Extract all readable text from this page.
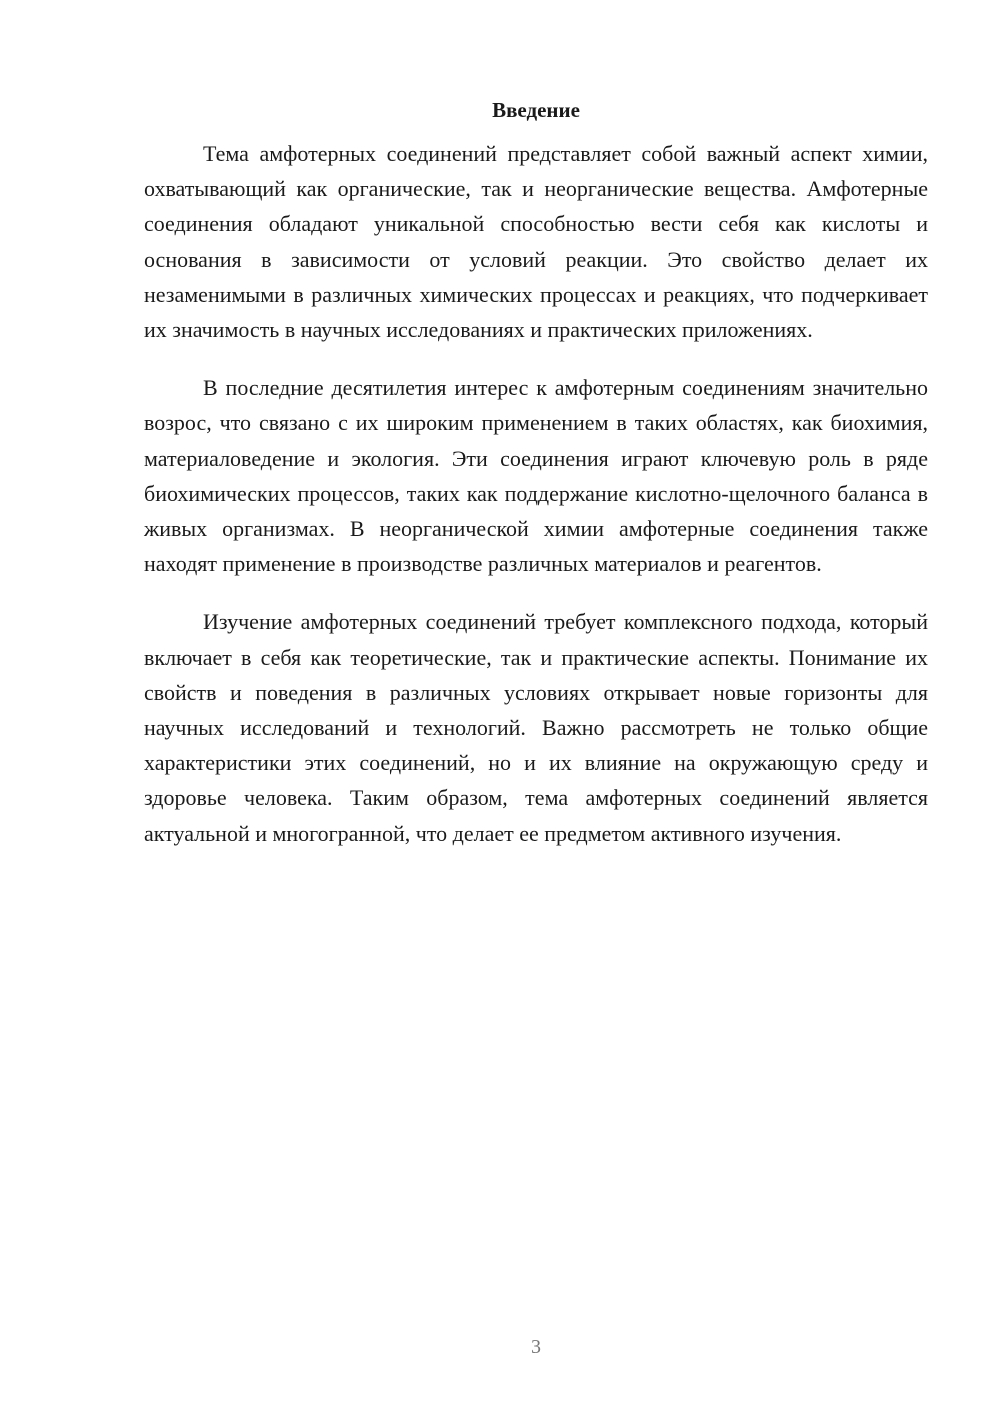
Введение

Тема амфотерных соединений представляет собой важный аспект химии, охватывающий как органические, так и неорганические вещества. Амфотерные соединения обладают уникальной способностью вести себя как кислоты и основания в зависимости от условий реакции. Это свойство делает их незаменимыми в различных химических процессах и реакциях, что подчеркивает их значимость в научных исследованиях и практических приложениях.

В последние десятилетия интерес к амфотерным соединениям значительно возрос, что связано с их широким применением в таких областях, как биохимия, материаловедение и экология. Эти соединения играют ключевую роль в ряде биохимических процессов, таких как поддержание кислотно-щелочного баланса в живых организмах. В неорганической химии амфотерные соединения также находят применение в производстве различных материалов и реагентов.

Изучение амфотерных соединений требует комплексного подхода, который включает в себя как теоретические, так и практические аспекты. Понимание их свойств и поведения в различных условиях открывает новые горизонты для научных исследований и технологий. Важно рассмотреть не только общие характеристики этих соединений, но и их влияние на окружающую среду и здоровье человека. Таким образом, тема амфотерных соединений является актуальной и многогранной, что делает ее предметом активного изучения.

3
